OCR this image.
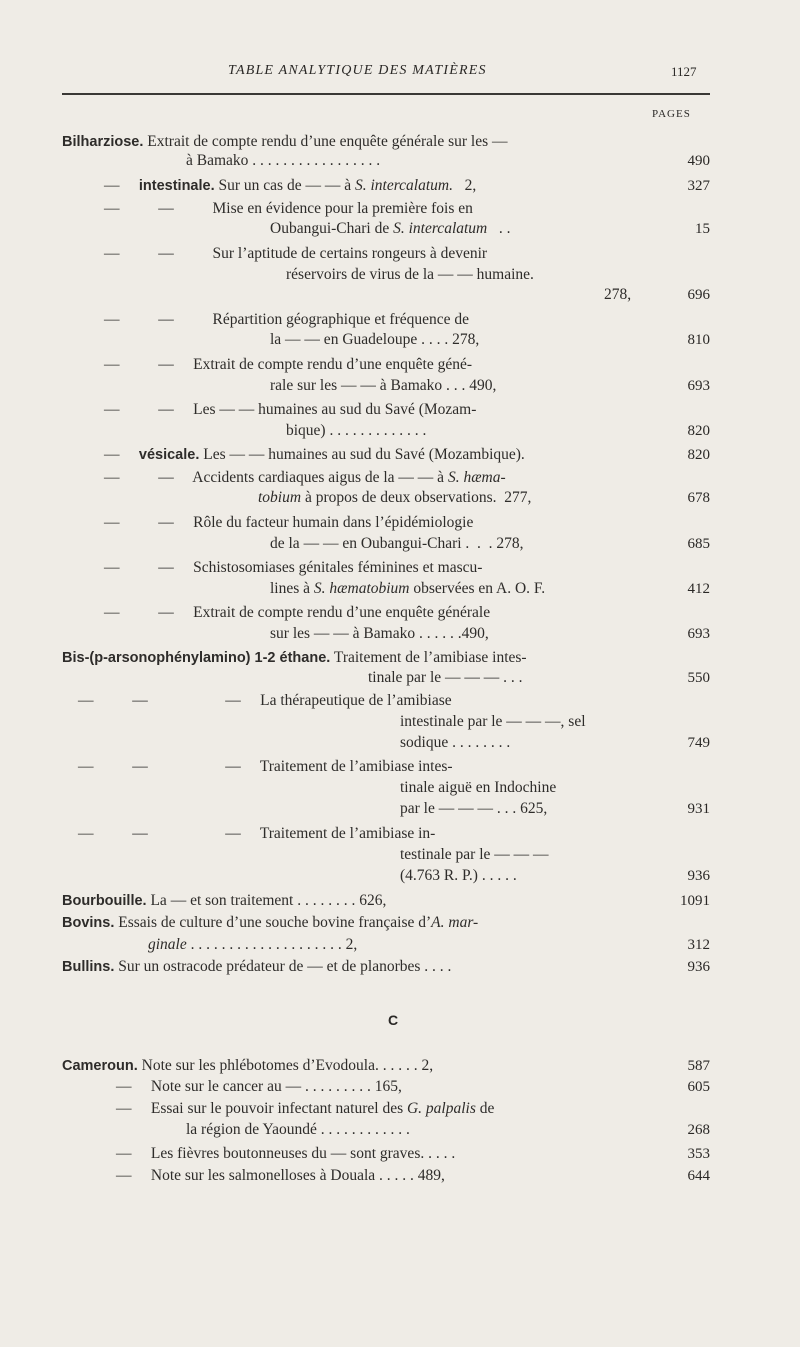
TABLE ANALYTIQUE DES MATIÈRES	1127
PAGES
C
Bilharziose. Extrait de compte rendu d’une enquête générale sur les —
à Bamako . . . . . . . . . . . . . . . . .	490
—     intestinale. Sur un cas de — — à S. intercalatum.   2,	327
—          —          Mise en évidence pour la première fois en
Oubangui-Chari de S. intercalatum   . .	15
—          —          Sur l’aptitude de certains rongeurs à devenir
réservoirs de virus de la — — humaine.
278,	696
—          —          Répartition géographique et fréquence de
la — — en Guadeloupe . . . . 278,	810
—          —     Extrait de compte rendu d’une enquête géné-
rale sur les — — à Bamako . . . 490,	693
—          —     Les — — humaines au sud du Savé (Mozam-
bique) . . . . . . . . . . . . .	820
—     vésicale. Les — — humaines au sud du Savé (Mozambique).	820
—          —     Accidents cardiaques aigus de la — — à S. hæma-
tobium à propos de deux observations.  277,	678
—          —     Rôle du facteur humain dans l’épidémiologie
de la — — en Oubangui-Chari .  .  . 278,	685
—          —     Schistosomiases génitales féminines et mascu-
lines à S. hæmatobium observées en A. O. F.	412
—          —     Extrait de compte rendu d’une enquête générale
sur les — — à Bamako . . . . . .490,	693
Bis-(p-arsonophénylamino) 1-2 éthane. Traitement de l’amibiase intes-
tinale par le — — — . . .	550
—          —                    —     La thérapeutique de l’amibiase
intestinale par le — — —, sel
sodique . . . . . . . .	749
—          —                    —     Traitement de l’amibiase intes-
tinale aiguë en Indochine
par le — — — . . . 625,	931
—          —                    —     Traitement de l’amibiase in-
testinale par le — — —
(4.763 R. P.) . . . . .	936
Bourbouille. La — et son traitement . . . . . . . . 626,	1091
Bovins. Essais de culture d’une souche bovine française d’A. mar-
ginale . . . . . . . . . . . . . . . . . . . . 2,	312
Bullins. Sur un ostracode prédateur de — et de planorbes . . . .	936
Cameroun. Note sur les phlébotomes d’Evodoula. . . . . . 2,	587
—     Note sur le cancer au — . . . . . . . . . 165,	605
—     Essai sur le pouvoir infectant naturel des G. palpalis de
la région de Yaoundé . . . . . . . . . . . .	268
—     Les fièvres boutonneuses du — sont graves. . . . .	353
—     Note sur les salmonelloses à Douala . . . . . 489,	644
